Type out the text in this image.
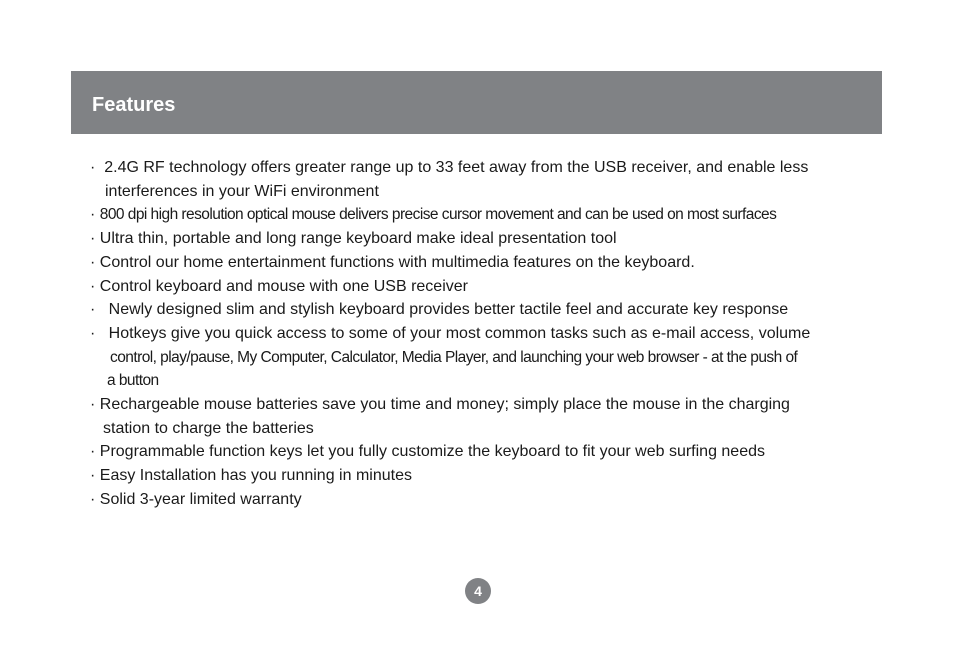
Features
· 2.4G RF technology offers greater range up to 33 feet away from the USB receiver, and enable less
interferences in your WiFi environment
· 800 dpi high resolution optical mouse delivers precise cursor movement and can be used on most surfaces
· Ultra thin, portable and long range keyboard make ideal presentation tool
· Control our home entertainment functions with multimedia features on the keyboard.
· Control keyboard and mouse with one USB receiver
· Newly designed slim and stylish keyboard provides better tactile feel and accurate key response
· Hotkeys give you quick access to some of your most common tasks such as e-mail access, volume
control, play/pause, My Computer, Calculator, Media Player, and launching your web browser - at the push of
a button
· Rechargeable mouse batteries save you time and money; simply place the mouse in the charging
station to charge the batteries
· Programmable function keys let you fully customize the keyboard to fit your web surfing needs
· Easy Installation has you running in minutes
· Solid 3-year limited warranty
4
